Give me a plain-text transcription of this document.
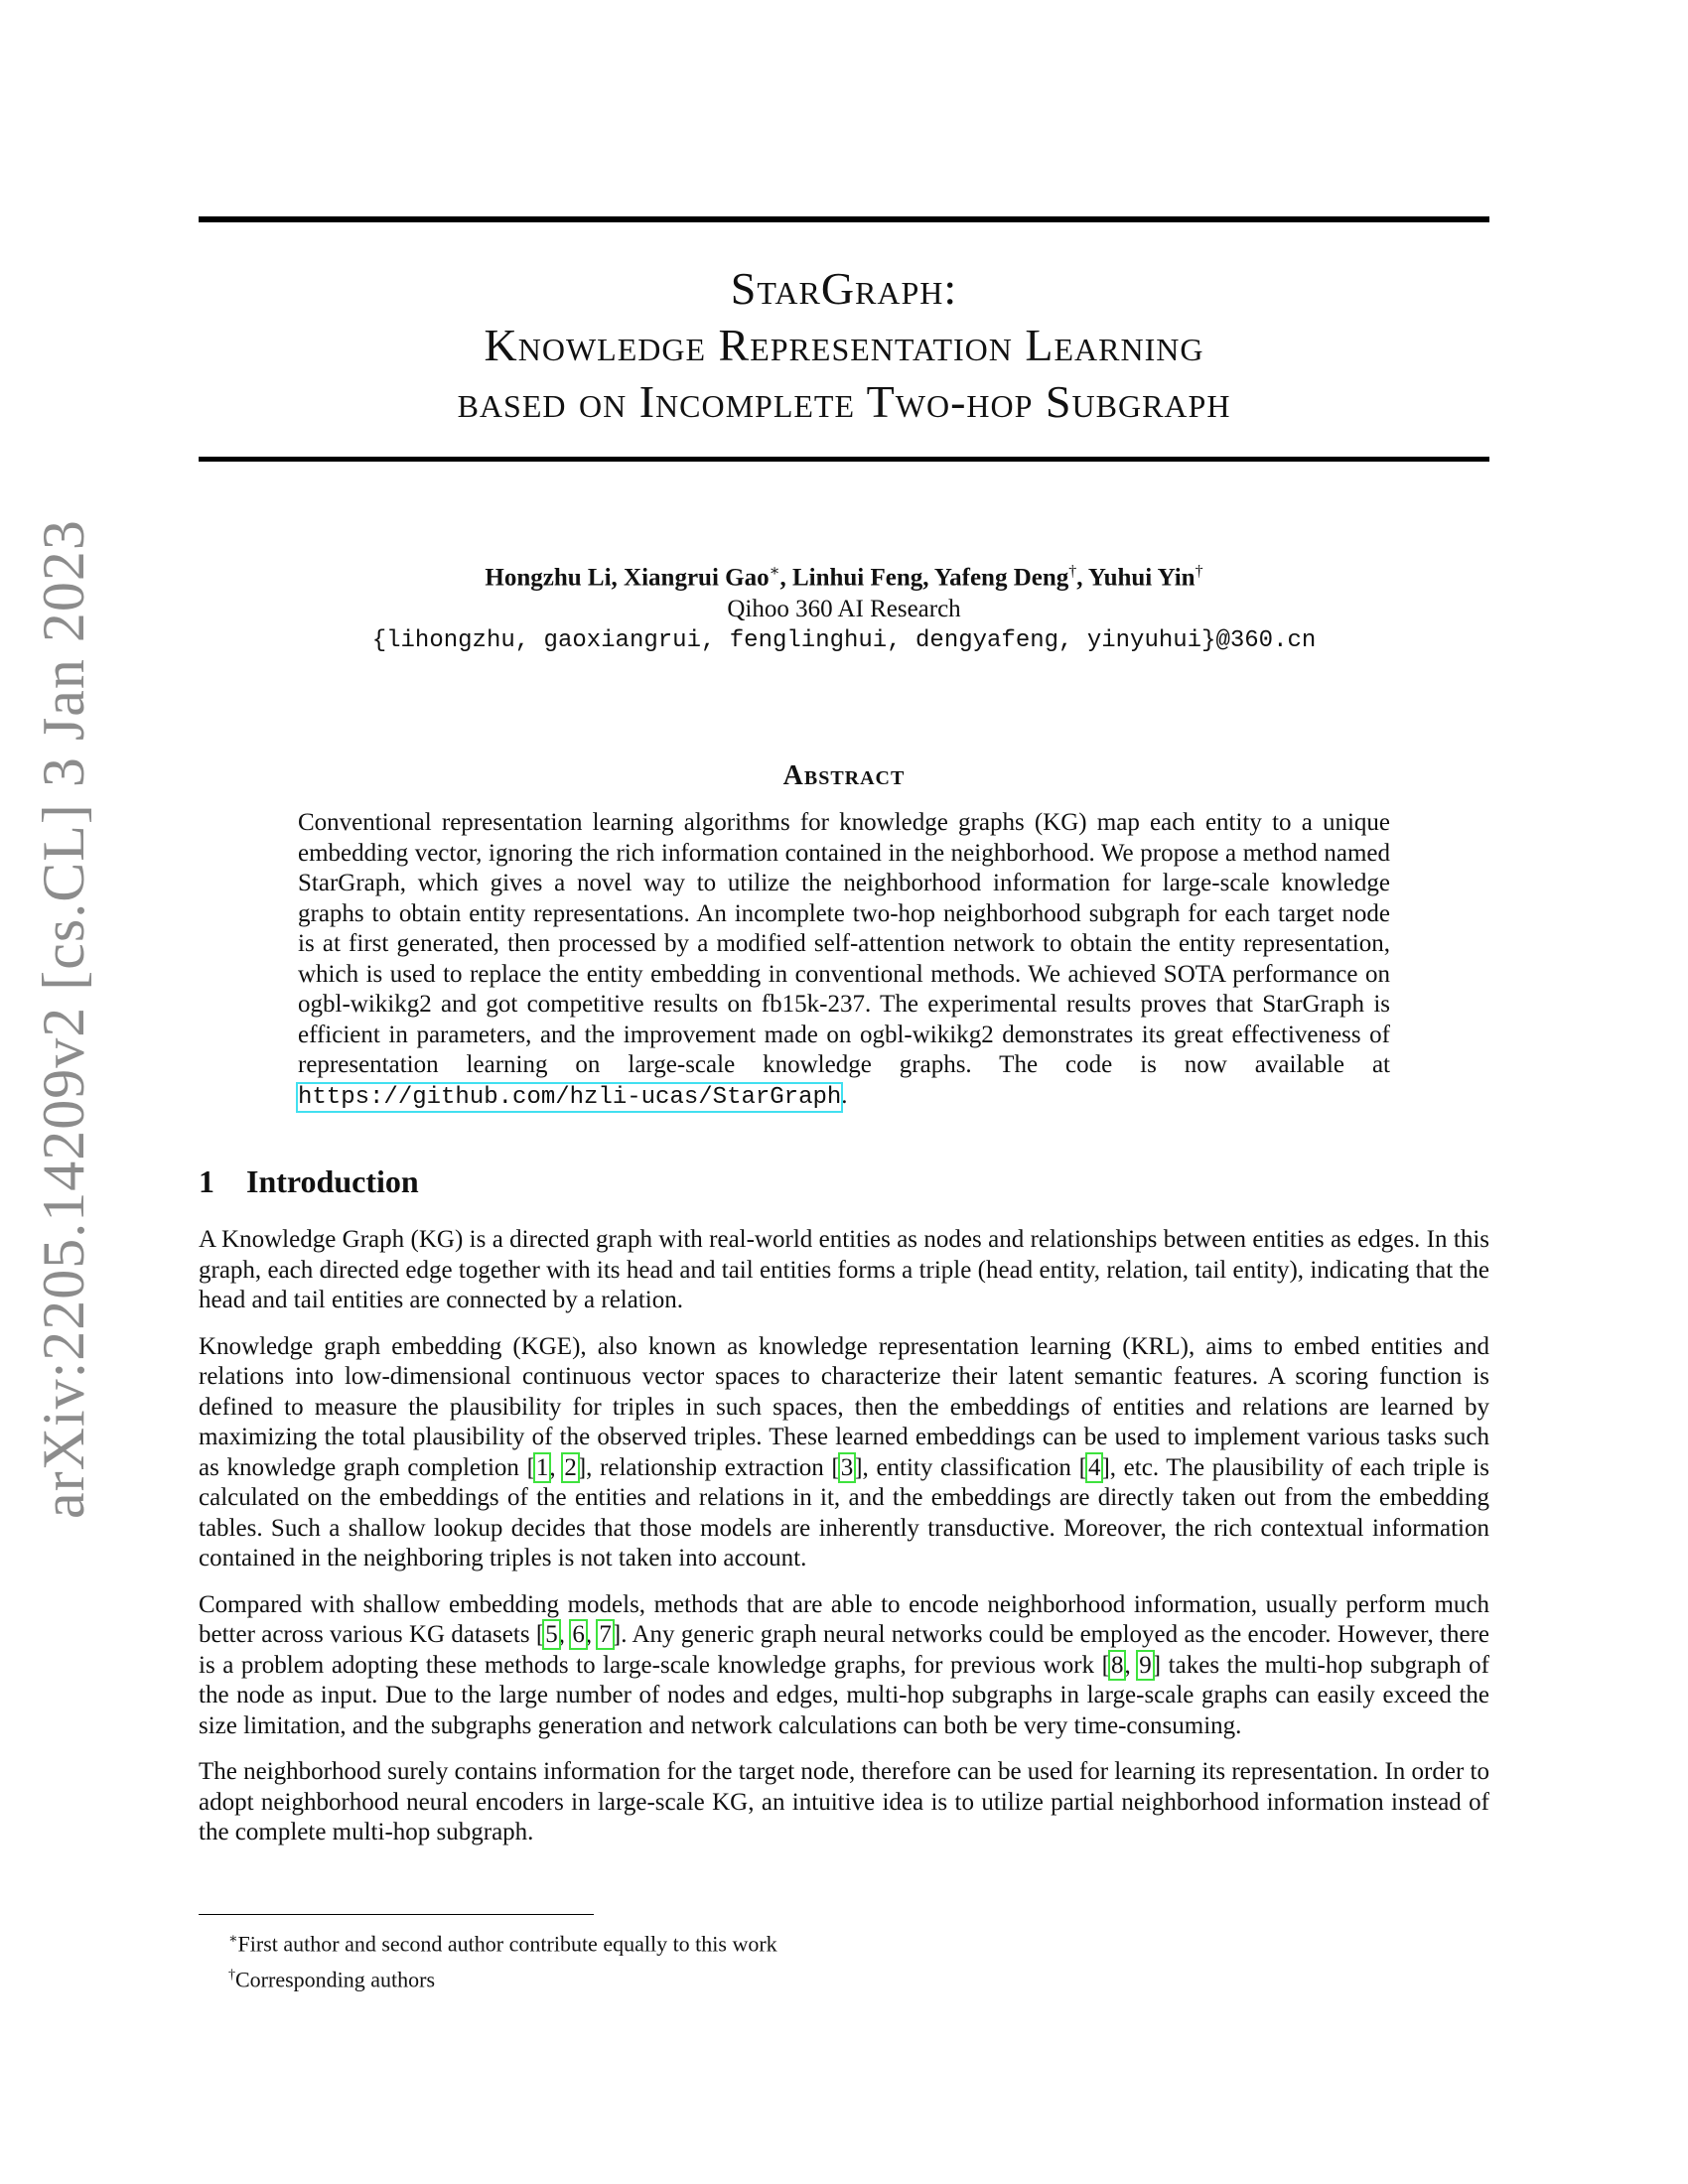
arXiv:2205.14209v2 [cs.CL] 3 Jan 2023
StarGraph:
Knowledge Representation Learning
based on Incomplete Two-hop Subgraph
Hongzhu Li, Xiangrui Gao∗, Linhui Feng, Yafeng Deng†, Yuhui Yin†
Qihoo 360 AI Research
{lihongzhu, gaoxiangrui, fenglinghui, dengyafeng, yinyuhui}@360.cn
Abstract
Conventional representation learning algorithms for knowledge graphs (KG) map each entity to a unique embedding vector, ignoring the rich information contained in the neighborhood. We propose a method named StarGraph, which gives a novel way to utilize the neighborhood information for large-scale knowledge graphs to obtain entity representations. An incomplete two-hop neighborhood subgraph for each target node is at first generated, then processed by a modified self-attention network to obtain the entity representation, which is used to replace the entity embedding in conventional methods. We achieved SOTA performance on ogbl-wikikg2 and got competitive results on fb15k-237. The experimental results proves that StarGraph is efficient in parameters, and the improvement made on ogbl-wikikg2 demonstrates its great effectiveness of representation learning on large-scale knowledge graphs. The code is now available at https://github.com/hzli-ucas/StarGraph.
1 Introduction

A Knowledge Graph (KG) is a directed graph with real-world entities as nodes and relationships between entities as edges. In this graph, each directed edge together with its head and tail entities forms a triple (head entity, relation, tail entity), indicating that the head and tail entities are connected by a relation.

Knowledge graph embedding (KGE), also known as knowledge representation learning (KRL), aims to embed entities and relations into low-dimensional continuous vector spaces to characterize their latent semantic features. A scoring function is defined to measure the plausibility for triples in such spaces, then the embeddings of entities and relations are learned by maximizing the total plausibility of the observed triples. These learned embeddings can be used to implement various tasks such as knowledge graph completion [1, 2], relationship extraction [3], entity classification [4], etc. The plausibility of each triple is calculated on the embeddings of the entities and relations in it, and the embeddings are directly taken out from the embedding tables. Such a shallow lookup decides that those models are inherently transductive. Moreover, the rich contextual information contained in the neighboring triples is not taken into account.

Compared with shallow embedding models, methods that are able to encode neighborhood information, usually perform much better across various KG datasets [5, 6, 7]. Any generic graph neural networks could be employed as the encoder. However, there is a problem adopting these methods to large-scale knowledge graphs, for previous work [8, 9] takes the multi-hop subgraph of the node as input. Due to the large number of nodes and edges, multi-hop subgraphs in large-scale graphs can easily exceed the size limitation, and the subgraphs generation and network calculations can both be very time-consuming.

The neighborhood surely contains information for the target node, therefore can be used for learning its representation. In order to adopt neighborhood neural encoders in large-scale KG, an intuitive idea is to utilize partial neighborhood information instead of the complete multi-hop subgraph.

∗First author and second author contribute equally to this work
†Corresponding authors
